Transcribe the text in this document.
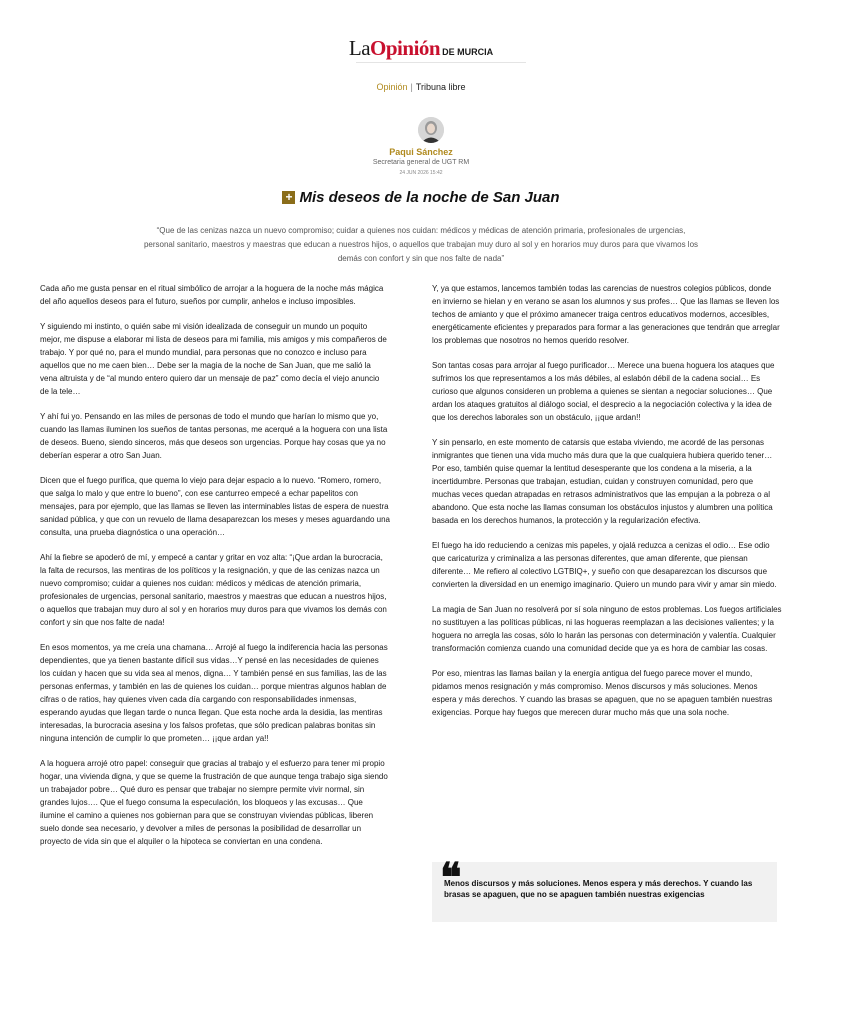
LaOpinión DE MURCIA
Opinión | Tribuna libre
Paqui Sánchez
Secretaria general de UGT RM
24 JUN 2026 15:42
+ Mis deseos de la noche de San Juan
“Que de las cenizas nazca un nuevo compromiso; cuidar a quienes nos cuidan: médicos y médicas de atención primaria, profesionales de urgencias, personal sanitario, maestros y maestras que educan a nuestros hijos, o aquellos que trabajan muy duro al sol y en horarios muy duros para que vivamos los demás con confort y sin que nos falte de nada”

Cada año me gusta pensar en el ritual simbólico de arrojar a la hoguera de la noche más mágica del año aquellos deseos para el futuro, sueños por cumplir, anhelos e incluso imposibles.

Y siguiendo mi instinto, o quién sabe mi visión idealizada de conseguir un mundo un poquito mejor, me dispuse a elaborar mi lista de deseos para mi familia, mis amigos y mis compañeros de trabajo. Y por qué no, para el mundo mundial, para personas que no conozco e incluso para aquellos que no me caen bien… Debe ser la magia de la noche de San Juan, que me salió la vena altruista y de “al mundo entero quiero dar un mensaje de paz” como decía el viejo anuncio de la tele…

Y ahí fui yo. Pensando en las miles de personas de todo el mundo que harían lo mismo que yo, cuando las llamas iluminen los sueños de tantas personas, me acerqué a la hoguera con una lista de deseos. Bueno, siendo sinceros, más que deseos son urgencias. Porque hay cosas que ya no deberían esperar a otro San Juan.

Dicen que el fuego purifica, que quema lo viejo para dejar espacio a lo nuevo. “Romero, romero, que salga lo malo y que entre lo bueno”, con ese canturreo empecé a echar papelitos con mensajes, para por ejemplo, que las llamas se lleven las interminables listas de espera de nuestra sanidad pública, y que con un revuelo de llama desaparezcan los meses y meses aguardando una consulta, una prueba diagnóstica o una operación…

Ahí la fiebre se apoderó de mí, y empecé a cantar y gritar en voz alta: “¡Que ardan la burocracia, la falta de recursos, las mentiras de los políticos y la resignación, y que de las cenizas nazca un nuevo compromiso; cuidar a quienes nos cuidan: médicos y médicas de atención primaria, profesionales de urgencias, personal sanitario, maestros y maestras que educan a nuestros hijos, o aquellos que trabajan muy duro al sol y en horarios muy duros para que vivamos los demás con confort y sin que nos falte de nada!

En esos momentos, ya me creía una chamana… Arrojé al fuego la indiferencia hacia las personas dependientes, que ya tienen bastante difícil sus vidas…Y pensé en las necesidades de quienes los cuidan y hacen que su vida sea al menos, digna… Y también pensé en sus familias, las de las personas enfermas, y también en las de quienes los cuidan… porque mientras algunos hablan de cifras o de ratios, hay quienes viven cada día cargando con responsabilidades inmensas, esperando ayudas que llegan tarde o nunca llegan. Que esta noche arda la desidia, las mentiras interesadas, la burocracia asesina y los falsos profetas, que sólo predican palabras bonitas sin ninguna intención de cumplir lo que prometen… ¡¡que ardan ya!!

A la hoguera arrojé otro papel: conseguir que gracias al trabajo y el esfuerzo para tener mi propio hogar, una vivienda digna, y que se queme la frustración de que aunque tenga trabajo siga siendo un trabajador pobre… Qué duro es pensar que trabajar no siempre permite vivir normal, sin grandes lujos…. Que el fuego consuma la especulación, los bloqueos y las excusas… Que ilumine el camino a quienes nos gobiernan para que se construyan viviendas públicas, liberen suelo donde sea necesario, y devolver a miles de personas la posibilidad de desarrollar un proyecto de vida sin que el alquiler o la hipoteca se conviertan en una condena.

Y, ya que estamos, lancemos también todas las carencias de nuestros colegios públicos, donde en invierno se hielan y en verano se asan los alumnos y sus profes… Que las llamas se lleven los techos de amianto y que el próximo amanecer traiga centros educativos modernos, accesibles, energéticamente eficientes y preparados para formar a las generaciones que tendrán que arreglar los problemas que nosotros no hemos querido resolver.

Son tantas cosas para arrojar al fuego purificador… Merece una buena hoguera los ataques que sufrimos los que representamos a los más débiles, al eslabón débil de la cadena social… Es curioso que algunos consideren un problema a quienes se sientan a negociar soluciones… Que ardan los ataques gratuitos al diálogo social, el desprecio a la negociación colectiva y la idea de que los derechos laborales son un obstáculo, ¡¡que ardan!!

Y sin pensarlo, en este momento de catarsis que estaba viviendo, me acordé de las personas inmigrantes que tienen una vida mucho más dura que la que cualquiera hubiera querido tener… Por eso, también quise quemar la lentitud desesperante que los condena a la miseria, a la incertidumbre. Personas que trabajan, estudian, cuidan y construyen comunidad, pero que muchas veces quedan atrapadas en retrasos administrativos que las empujan a la pobreza o al abandono. Que esta noche las llamas consuman los obstáculos injustos y alumbren una política basada en los derechos humanos, la protección y la regularización efectiva.

El fuego ha ido reduciendo a cenizas mis papeles, y ojalá reduzca a cenizas el odio… Ese odio que caricaturiza y criminaliza a las personas diferentes, que aman diferente, que piensan diferente… Me refiero al colectivo LGTBIQ+, y sueño con que desaparezcan los discursos que convierten la diversidad en un enemigo imaginario. Quiero un mundo para vivir y amar sin miedo.

La magia de San Juan no resolverá por sí sola ninguno de estos problemas. Los fuegos artificiales no sustituyen a las políticas públicas, ni las hogueras reemplazan a las decisiones valientes; y la hoguera no arregla las cosas, sólo lo harán las personas con determinación y valentía. Cualquier transformación comienza cuando una comunidad decide que ya es hora de cambiar las cosas.

Por eso, mientras las llamas bailan y la energía antigua del fuego parece mover el mundo, pidamos menos resignación y más compromiso. Menos discursos y más soluciones. Menos espera y más derechos. Y cuando las brasas se apaguen, que no se apaguen también nuestras exigencias. Porque hay fuegos que merecen durar mucho más que una sola noche.

❝
Menos discursos y más soluciones. Menos espera y más derechos. Y cuando las brasas se apaguen, que no se apaguen también nuestras exigencias
